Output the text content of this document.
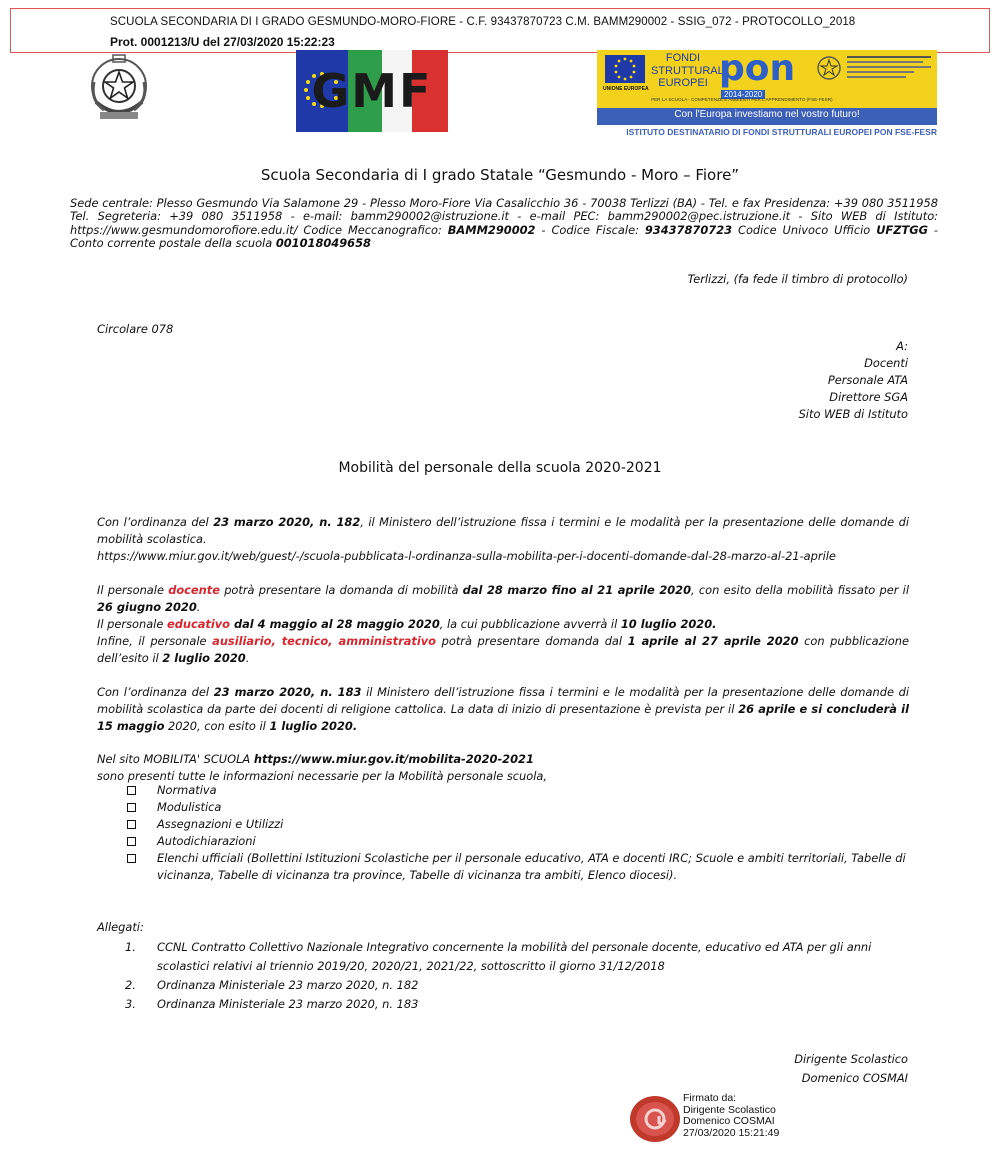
SCUOLA SECONDARIA DI I GRADO GESMUNDO-MORO-FIORE - C.F. 93437870723 C.M. BAMM290002 - SSIG_072 - PROTOCOLLO_2018
Prot. 0001213/U del 27/03/2020 15:22:23
GMF	UNIONE EUROPEA
FONDI
STRUTTURALI
EUROPEI pon
2014-2020
PER LA SCUOLA - COMPETENZE E AMBIENTI PER L'APPRENDIMENTO (FSE-FESR)
Con l'Europa investiamo nel vostro futuro!
ISTITUTO DESTINATARIO DI FONDI STRUTTURALI EUROPEI PON FSE-FESR
Scuola Secondaria di I grado Statale “Gesmundo - Moro – Fiore”
Sede centrale: Plesso Gesmundo Via Salamone 29 - Plesso Moro-Fiore Via Casalicchio 36 - 70038 Terlizzi (BA) - Tel. e fax Presidenza: +39 080 3511958 Tel. Segreteria: +39 080 3511958 - e-mail: bamm290002@istruzione.it - e-mail PEC: bamm290002@pec.istruzione.it - Sito WEB di Istituto: https://www.gesmundomorofiore.edu.it/ Codice Meccanografico: BAMM290002 - Codice Fiscale: 93437870723 Codice Univoco Ufficio UFZTGG - Conto corrente postale della scuola 001018049658
Terlizzi, (fa fede il timbro di protocollo)
Circolare 078
A:
Docenti
Personale ATA
Direttore SGA
Sito WEB di Istituto
Mobilità del personale della scuola 2020-2021
Con l’ordinanza del 23 marzo 2020, n. 182, il Ministero dell’istruzione fissa i termini e le modalità per la presentazione delle domande di mobilità scolastica.
https://www.miur.gov.it/web/guest/-/scuola-pubblicata-l-ordinanza-sulla-mobilita-per-i-docenti-domande-dal-28-marzo-al-21-aprile
Il personale docente potrà presentare la domanda di mobilità dal 28 marzo fino al 21 aprile 2020, con esito della mobilità fissato per il 26 giugno 2020.
Il personale educativo dal 4 maggio al 28 maggio 2020, la cui pubblicazione avverrà il 10 luglio 2020.
Infine, il personale ausiliario, tecnico, amministrativo potrà presentare domanda dal 1 aprile al 27 aprile 2020 con pubblicazione dell’esito il 2 luglio 2020.
Con l’ordinanza del 23 marzo 2020, n. 183 il Ministero dell’istruzione fissa i termini e le modalità per la presentazione delle domande di mobilità scolastica da parte dei docenti di religione cattolica. La data di inizio di presentazione è prevista per il 26 aprile e si concluderà il 15 maggio 2020, con esito il 1 luglio 2020.
Nel sito MOBILITA' SCUOLA https://www.miur.gov.it/mobilita-2020-2021
sono presenti tutte le informazioni necessarie per la Mobilità personale scuola,
Normativa
Modulistica
Assegnazioni e Utilizzi
Autodichiarazioni
Elenchi ufficiali (Bollettini Istituzioni Scolastiche per il personale educativo, ATA e docenti IRC; Scuole e ambiti territoriali, Tabelle di vicinanza, Tabelle di vicinanza tra province, Tabelle di vicinanza tra ambiti, Elenco diocesi).
Allegati:
1. CCNL Contratto Collettivo Nazionale Integrativo concernente la mobilità del personale docente, educativo ed ATA per gli anni scolastici relativi al triennio 2019/20, 2020/21, 2021/22, sottoscritto il giorno 31/12/2018
2. Ordinanza Ministeriale 23 marzo 2020, n. 182
3. Ordinanza Ministeriale 23 marzo 2020, n. 183
Dirigente Scolastico
Domenico COSMAI
Firmato da:
Dirigente Scolastico
Domenico COSMAI
27/03/2020 15:21:49
